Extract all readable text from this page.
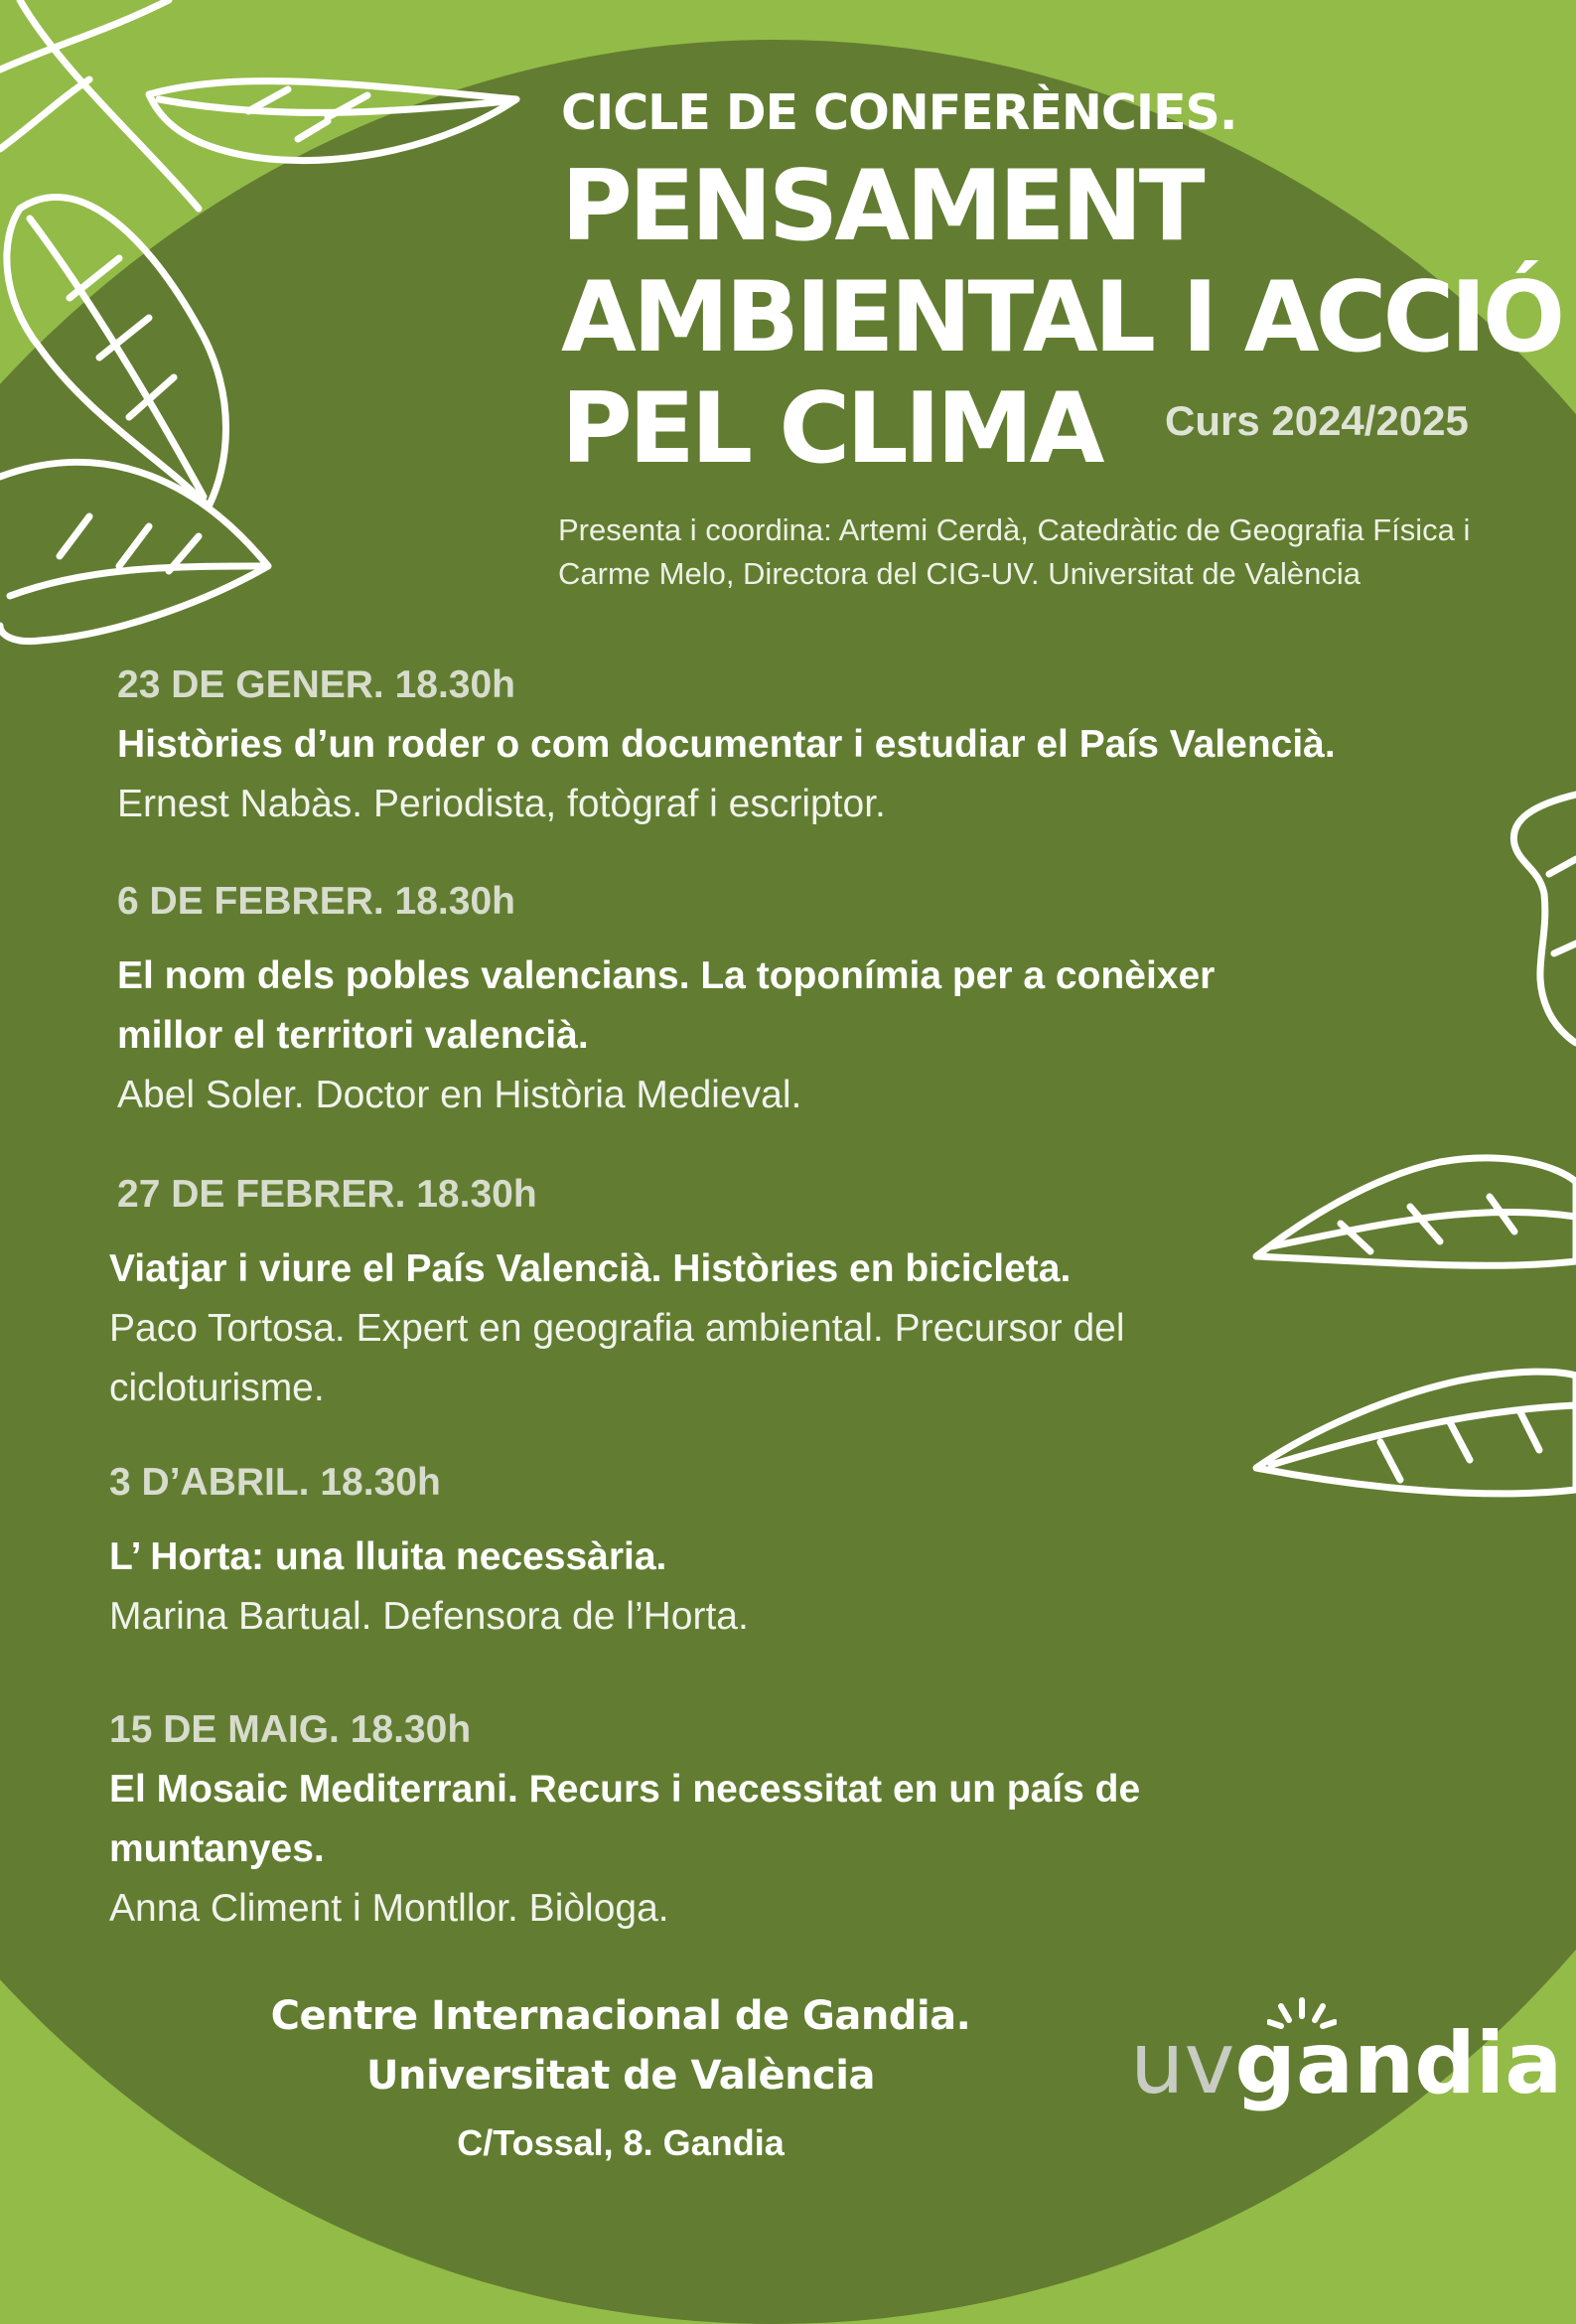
CICLE DE CONFERÈNCIES.

PENSAMENT
AMBIENTAL I ACCIÓ
PEL CLIMA	Curs 2024/2025
Presenta i coordina: Artemi Cerdà, Catedràtic de Geografia Física i
Carme Melo, Directora del CIG-UV. Universitat de València
23 DE GENER. 18.30h
Històries d’un roder o com documentar i estudiar el País Valencià.
Ernest Nabàs. Periodista, fotògraf i escriptor.
6 DE FEBRER. 18.30h
El nom dels pobles valencians. La toponímia per a conèixer
millor el territori valencià.
Abel Soler. Doctor en Història Medieval.
27 DE FEBRER. 18.30h
Viatjar i viure el País Valencià. Històries en bicicleta.
Paco Tortosa. Expert en geografia ambiental. Precursor del
cicloturisme.
3 D’ABRIL. 18.30h
L’ Horta: una lluita necessària.
Marina Bartual. Defensora de l’Horta.
15 DE MAIG. 18.30h
El Mosaic Mediterrani. Recurs i necessitat en un país de
muntanyes.
Anna Climent i Montllor. Biòloga.
Centre Internacional de Gandia.
Universitat de València
C/Tossal, 8. Gandia
uvgandia
